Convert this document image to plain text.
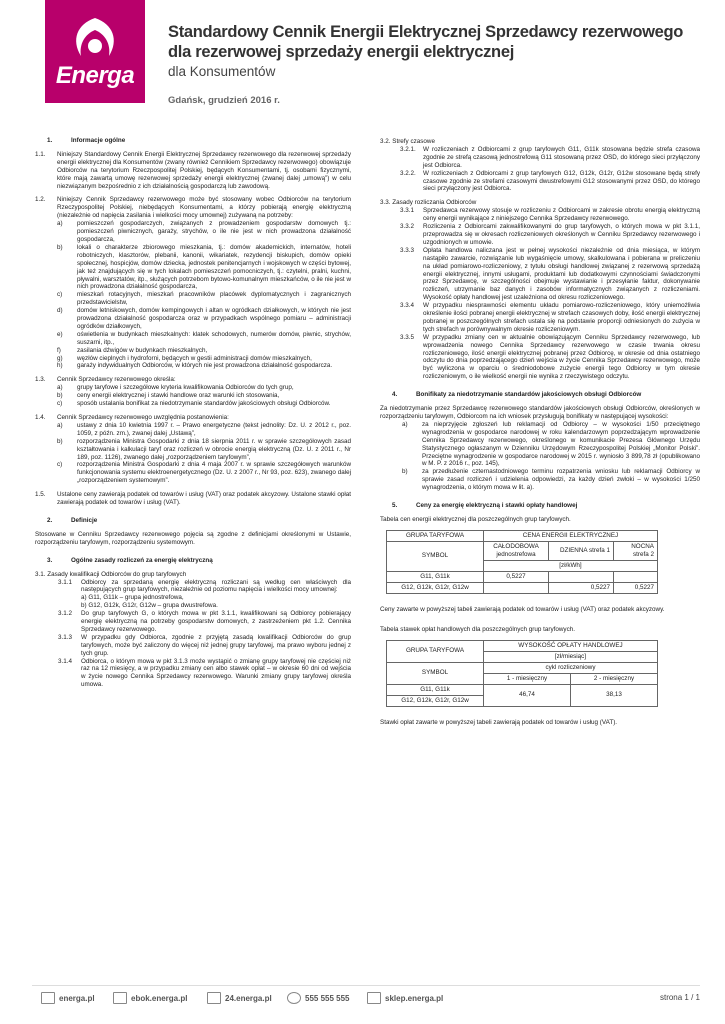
Energa
Standardowy Cennik Energii Elektrycznej Sprzedawcy rezerwowego
dla rezerwowej sprzedaży energii elektrycznej
dla Konsumentów
Gdańsk, grudzień 2016 r.
1.	Informacje ogólne
1.1.	Niniejszy Standardowy Cennik Energii Elektrycznej Sprzedawcy rezerwowego dla rezerwowej sprzedaży energii elektrycznej dla Konsumentów (zwany również Cennikiem Sprzedawcy rezerwowego) obowiązuje Odbiorców na terytorium Rzeczpospolitej Polskiej, będących Konsumentami, tj. osobami fizycznymi, które mają zawartą umowę rezerwowej sprzedaży energii elektrycznej (zwanej dalej „umową”) w celu niezwiązanym bezpośrednio z ich działalnością gospodarczą lub zawodową.
1.2.	Niniejszy Cennik Sprzedawcy rezerwowego może być stosowany wobec Odbiorców na terytorium Rzeczypospolitej Polskiej, niebędących Konsumentami, a którzy pobierają energię elektryczną (niezależnie od napięcia zasilania i wielkości mocy umownej) zużywaną na potrzeby:
a)	pomieszczeń gospodarczych, związanych z prowadzeniem gospodarstw domowych tj.: pomieszczeń piwnicznych, garaży, strychów, o ile nie jest w nich prowadzona działalność gospodarcza,
b)	lokali o charakterze zbiorowego mieszkania, tj.: domów akademickich, internatów, hoteli robotniczych, klasztorów, plebanii, kanonii, wikariatek, rezydencji biskupich, domów opieki społecznej, hospicjów, domów dziecka, jednostek penitencjarnych i wojskowych w części bytowej, jak też znajdujących się w tych lokalach pomieszczeń pomocniczych, tj.: czytelni, pralni, kuchni, pływalni, warsztatów, itp., służących potrzebom bytowo-komunalnym mieszkańców, o ile nie jest w nich prowadzona działalność gospodarcza,
c)	mieszkań rotacyjnych, mieszkań pracowników placówek dyplomatycznych i zagranicznych przedstawicielstw,
d)	domów letniskowych, domów kempingowych i altan w ogródkach działkowych, w których nie jest prowadzona działalność gospodarcza oraz w przypadkach wspólnego pomiaru – administracji ogródków działkowych,
e)	oświetlenia w budynkach mieszkalnych: klatek schodowych, numerów domów, piwnic, strychów, suszarni, itp.,
f)	zasilania dźwigów w budynkach mieszkalnych,
g)	węzłów cieplnych i hydroforni, będących w gestii administracji domów mieszkalnych,
h)	garaży indywidualnych Odbiorców, w których nie jest prowadzona działalność gospodarcza.
1.3.	Cennik Sprzedawcy rezerwowego określa:
a)	grupy taryfowe i szczegółowe kryteria kwalifikowania Odbiorców do tych grup,
b)	ceny energii elektrycznej i stawki handlowe oraz warunki ich stosowania,
c)	sposób ustalania bonifikat za niedotrzymanie standardów jakościowych obsługi Odbiorców.
1.4.	Cennik Sprzedawcy rezerwowego uwzględnia postanowienia:
a)	ustawy z dnia 10 kwietnia 1997 r. – Prawo energetyczne (tekst jednolity: Dz. U. z 2012 r., poz. 1059, z późn. zm.), zwanej dalej „Ustawą”,
b)	rozporządzenia Ministra Gospodarki z dnia 18 sierpnia 2011 r. w sprawie szczegółowych zasad kształtowania i kalkulacji taryf oraz rozliczeń w obrocie energią elektryczną (Dz. U. z 2011 r., Nr 189, poz. 1126), zwanego dalej „rozporządzeniem taryfowym”,
c)	rozporządzenia Ministra Gospodarki z dnia 4 maja 2007 r. w sprawie szczegółowych warunków funkcjonowania systemu elektroenergetycznego (Dz. U. z 2007 r., Nr 93, poz. 623), zwanego dalej „rozporządzeniem systemowym”.
1.5.	Ustalone ceny zawierają podatek od towarów i usług (VAT) oraz podatek akcyzowy. Ustalone stawki opłat zawierają podatek od towarów i usług (VAT).
2.	Definicje

Stosowane w Cenniku Sprzedawcy rezerwowego pojęcia są zgodne z definicjami określonymi w Ustawie, rozporządzeniu taryfowym, rozporządzeniu systemowym.

3.	Ogólne zasady rozliczeń za energię elektryczną

3.1. Zasady kwalifikacji Odbiorców do grup taryfowych

3.1.1	Odbiorcy za sprzedaną energię elektryczną rozliczani są według cen właściwych dla następujących grup taryfowych, niezależnie od poziomu napięcia i wielkości mocy umownej:
a) G11, G11k – grupa jednostrefowa,
b) G12, G12k, G12r, G12w – grupa dwustrefowa.
3.1.2	Do grup taryfowych G, o których mowa w pkt 3.1.1, kwalifikowani są Odbiorcy pobierający energię elektryczną na potrzeby gospodarstw domowych, z zastrzeżeniem pkt 1.2. Cennika Sprzedawcy rezerwowego.
3.1.3	W przypadku gdy Odbiorca, zgodnie z przyjętą zasadą kwalifikacji Odbiorców do grup taryfowych, może być zaliczony do więcej niż jednej grupy taryfowej, ma prawo wyboru jednej z tych grup.
3.1.4	Odbiorca, o którym mowa w pkt 3.1.3 może wystąpić o zmianę grupy taryfowej nie częściej niż raz na 12 miesięcy, a w przypadku zmiany cen albo stawek opłat – w okresie 60 dni od wejścia w życie nowego Cennika Sprzedawcy rezerwowego. Warunki zmiany grupy taryfowej określa umowa.

3.2. Strefy czasowe

3.2.1.	W rozliczeniach z Odbiorcami z grup taryfowych G11, G11k stosowana będzie strefa czasowa zgodnie ze strefą czasową jednostrefową G11 stosowaną przez OSD, do którego sieci przyłączony jest Odbiorca.
3.2.2.	W rozliczeniach z Odbiorcami z grup taryfowych G12, G12k, G12r, G12w stosowane będą strefy czasowe zgodnie ze strefami czasowymi dwustrefowymi G12 stosowanymi przez OSD, do którego sieci przyłączony jest Odbiorca.

3.3. Zasady rozliczania Odbiorców

3.3.1	Sprzedawca rezerwowy stosuje w rozliczeniu z Odbiorcami w zakresie obrotu energią elektryczną ceny energii wynikające z niniejszego Cennika Sprzedawcy rezerwowego.
3.3.2	Rozliczenia z Odbiorcami zakwalifikowanymi do grup taryfowych, o których mowa w pkt 3.1.1, przeprowadza się w okresach rozliczeniowych określonych w Cenniku Sprzedawcy rezerwowego i uzgodnionych w umowie.
3.3.3	Opłata handlowa naliczana jest w pełnej wysokości niezależnie od dnia miesiąca, w którym nastąpiło zawarcie, rozwiązanie lub wygaśnięcie umowy, skalkulowana i pobierana w preliczeniu na układ pomiarowo-rozliczeniowy, z tytułu obsługi handlowej związanej z rezerwową sprzedażą energii elektrycznej, innymi usługami, produktami lub dodatkowymi czynnościami świadczonymi przez Sprzedawcę, w szczególności obejmuje wystawianie i przesyłanie faktur, dokonywanie rozliczeń, utrzymanie baz danych i zasobów informatycznych związanych z rozliczeniami. Wysokość opłaty handlowej jest uzależniona od okresu rozliczeniowego.
3.3.4	W przypadku niesprawności elementu układu pomiarowo-rozliczeniowego, który uniemożliwia określenie ilości pobranej energii elektrycznej w strefach czasowych doby, ilość energii elektrycznej pobranej w poszczególnych strefach ustala się na podstawie proporcji odniesionych do zużycia w tych strefach w porównywalnym okresie rozliczeniowym.
3.3.5	W przypadku zmiany cen w aktualnie obowiązującym Cenniku Sprzedawcy rezerwowego, lub wprowadzenia nowego Cennika Sprzedawcy rezerwowego w czasie trwania okresu rozliczeniowego, ilość energii elektrycznej pobranej przez Odbiorcę, w okresie od dnia ostatniego odczytu do dnia poprzedzającego dzień wejścia w życie Cennika Sprzedawcy rezerwowego, może być wyliczona w oparciu o średniodobowe zużycie energii tego Odbiorcy w tym okresie rozliczeniowym, o ile wielkość energii nie wynika z rzeczywistego odczytu.
4.	Bonifikaty za niedotrzymanie standardów jakościowych obsługi Odbiorców

Za niedotrzymanie przez Sprzedawcę rezerwowego standardów jakościowych obsługi Odbiorców, określonych w rozporządzeniu taryfowym, Odbiorcom na ich wniosek przysługują bonifikaty w następującej wysokości:

a)	za nieprzyjęcie zgłoszeń lub reklamacji od Odbiorcy – w wysokości 1/50 przeciętnego wynagrodzenia w gospodarce narodowej w roku kalendarzowym poprzedzającym wprowadzenie Cennika Sprzedawcy rezerwowego, określonego w komunikacie Prezesa Głównego Urzędu Statystycznego ogłaszanym w Dzienniku Urzędowym Rzeczypospolitej Polskiej „Monitor Polski”. Przeciętne wynagrodzenie w gospodarce narodowej w 2015 r. wyniosło 3 899,78 zł (opublikowano w M. P. z 2016 r., poz. 145),
b)	za przedłużenie czternastodniowego terminu rozpatrzenia wniosku lub reklamacji Odbiorcy w sprawie zasad rozliczeń i udzielenia odpowiedzi, za każdy dzień zwłoki – w wysokości 1/250 wynagrodzenia, o którym mowa w lit. a).
5.	Ceny za energię elektryczną i stawki opłaty handlowej

Tabela cen energii elektrycznej dla poszczególnych grup taryfowych.

GRUPA TARYFOWA	CENA ENERGII ELEKTRYCZNEJ		
SYMBOL	CAŁODOBOWA jednostrefowa	DZIENNA strefa 1	NOCNA strefa 2
	[zł/kWh]		
G11, G11k	0,5227		
G12, G12k, G12r, G12w		0,5227	0,5227

Ceny zawarte w powyższej tabeli zawierają podatek od towarów i usług (VAT) oraz podatek akcyzowy.

Tabela stawek opłat handlowych dla poszczególnych grup taryfowych.

GRUPA TARYFOWA	WYSOKOŚĆ OPŁATY HANDLOWEJ	
	[zł/miesiąc]	
SYMBOL	cykl rozliczeniowy	
	1 - miesięczny	2 - miesięczny
G11, G11k	46,74	38,13
G12, G12k, G12r, G12w		

Stawki opłat zawarte w powyższej tabeli zawierają podatek od towarów i usług (VAT).

energa.pl	ebok.energa.pl	24.energa.pl	555 555 555	sklep.energa.pl	strona 1 / 1
